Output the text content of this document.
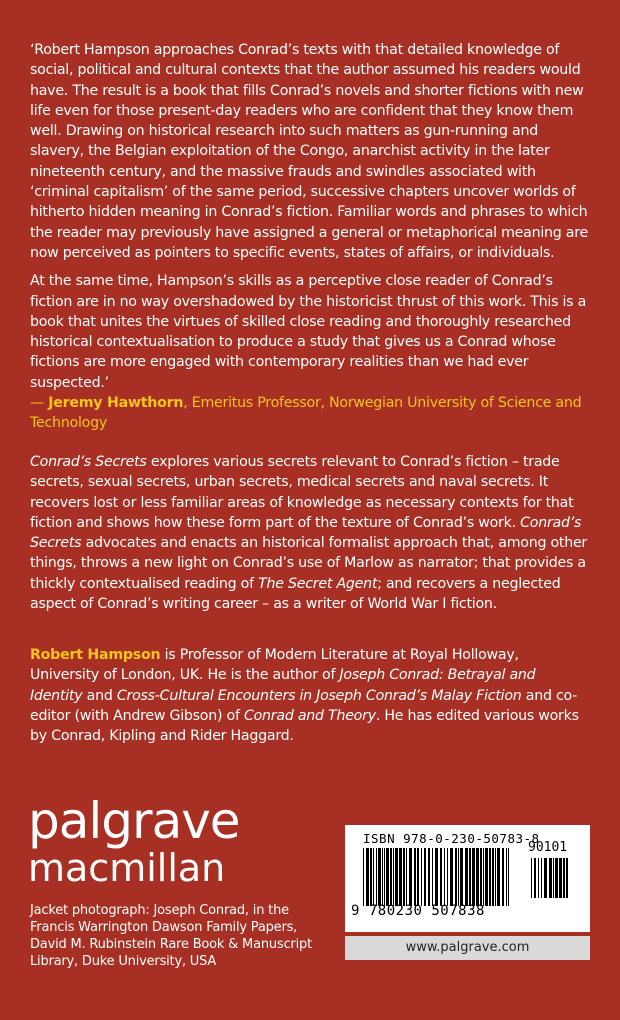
‘Robert Hampson approaches Conrad’s texts with that detailed knowledge of social, political and cultural contexts that the author assumed his readers would have. The result is a book that fills Conrad’s novels and shorter fictions with new life even for those present-day readers who are confident that they know them well. Drawing on historical research into such matters as gun-running and slavery, the Belgian exploitation of the Congo, anarchist activity in the later nineteenth century, and the massive frauds and swindles associated with ‘criminal capitalism’ of the same period, successive chapters uncover worlds of hitherto hidden meaning in Conrad’s fiction. Familiar words and phrases to which the reader may previously have assigned a general or metaphorical meaning are now perceived as pointers to specific events, states of affairs, or individuals.

At the same time, Hampson’s skills as a perceptive close reader of Conrad’s fiction are in no way overshadowed by the historicist thrust of this work. This is a book that unites the virtues of skilled close reading and thoroughly researched historical contextualisation to produce a study that gives us a Conrad whose fictions are more engaged with contemporary realities than we had ever suspected.’
— Jeremy Hawthorn, Emeritus Professor, Norwegian University of Science and Technology

Conrad’s Secrets explores various secrets relevant to Conrad’s fiction – trade secrets, sexual secrets, urban secrets, medical secrets and naval secrets. It recovers lost or less familiar areas of knowledge as necessary contexts for that fiction and shows how these form part of the texture of Conrad’s work. Conrad’s Secrets advocates and enacts an historical formalist approach that, among other things, throws a new light on Conrad’s use of Marlow as narrator; that provides a thickly contextualised reading of The Secret Agent; and recovers a neglected aspect of Conrad’s writing career – as a writer of World War I fiction.

Robert Hampson is Professor of Modern Literature at Royal Holloway, University of London, UK. He is the author of Joseph Conrad: Betrayal and Identity and Cross-Cultural Encounters in Joseph Conrad’s Malay Fiction and co-editor (with Andrew Gibson) of Conrad and Theory. He has edited various works by Conrad, Kipling and Rider Haggard.

palgrave
macmillan
Jacket photograph: Joseph Conrad, in the Francis Warrington Dawson Family Papers, David M. Rubinstein Rare Book & Manuscript Library, Duke University, USA
ISBN 978-0-230-50783-8
90101
9 780230 507838
www.palgrave.com
